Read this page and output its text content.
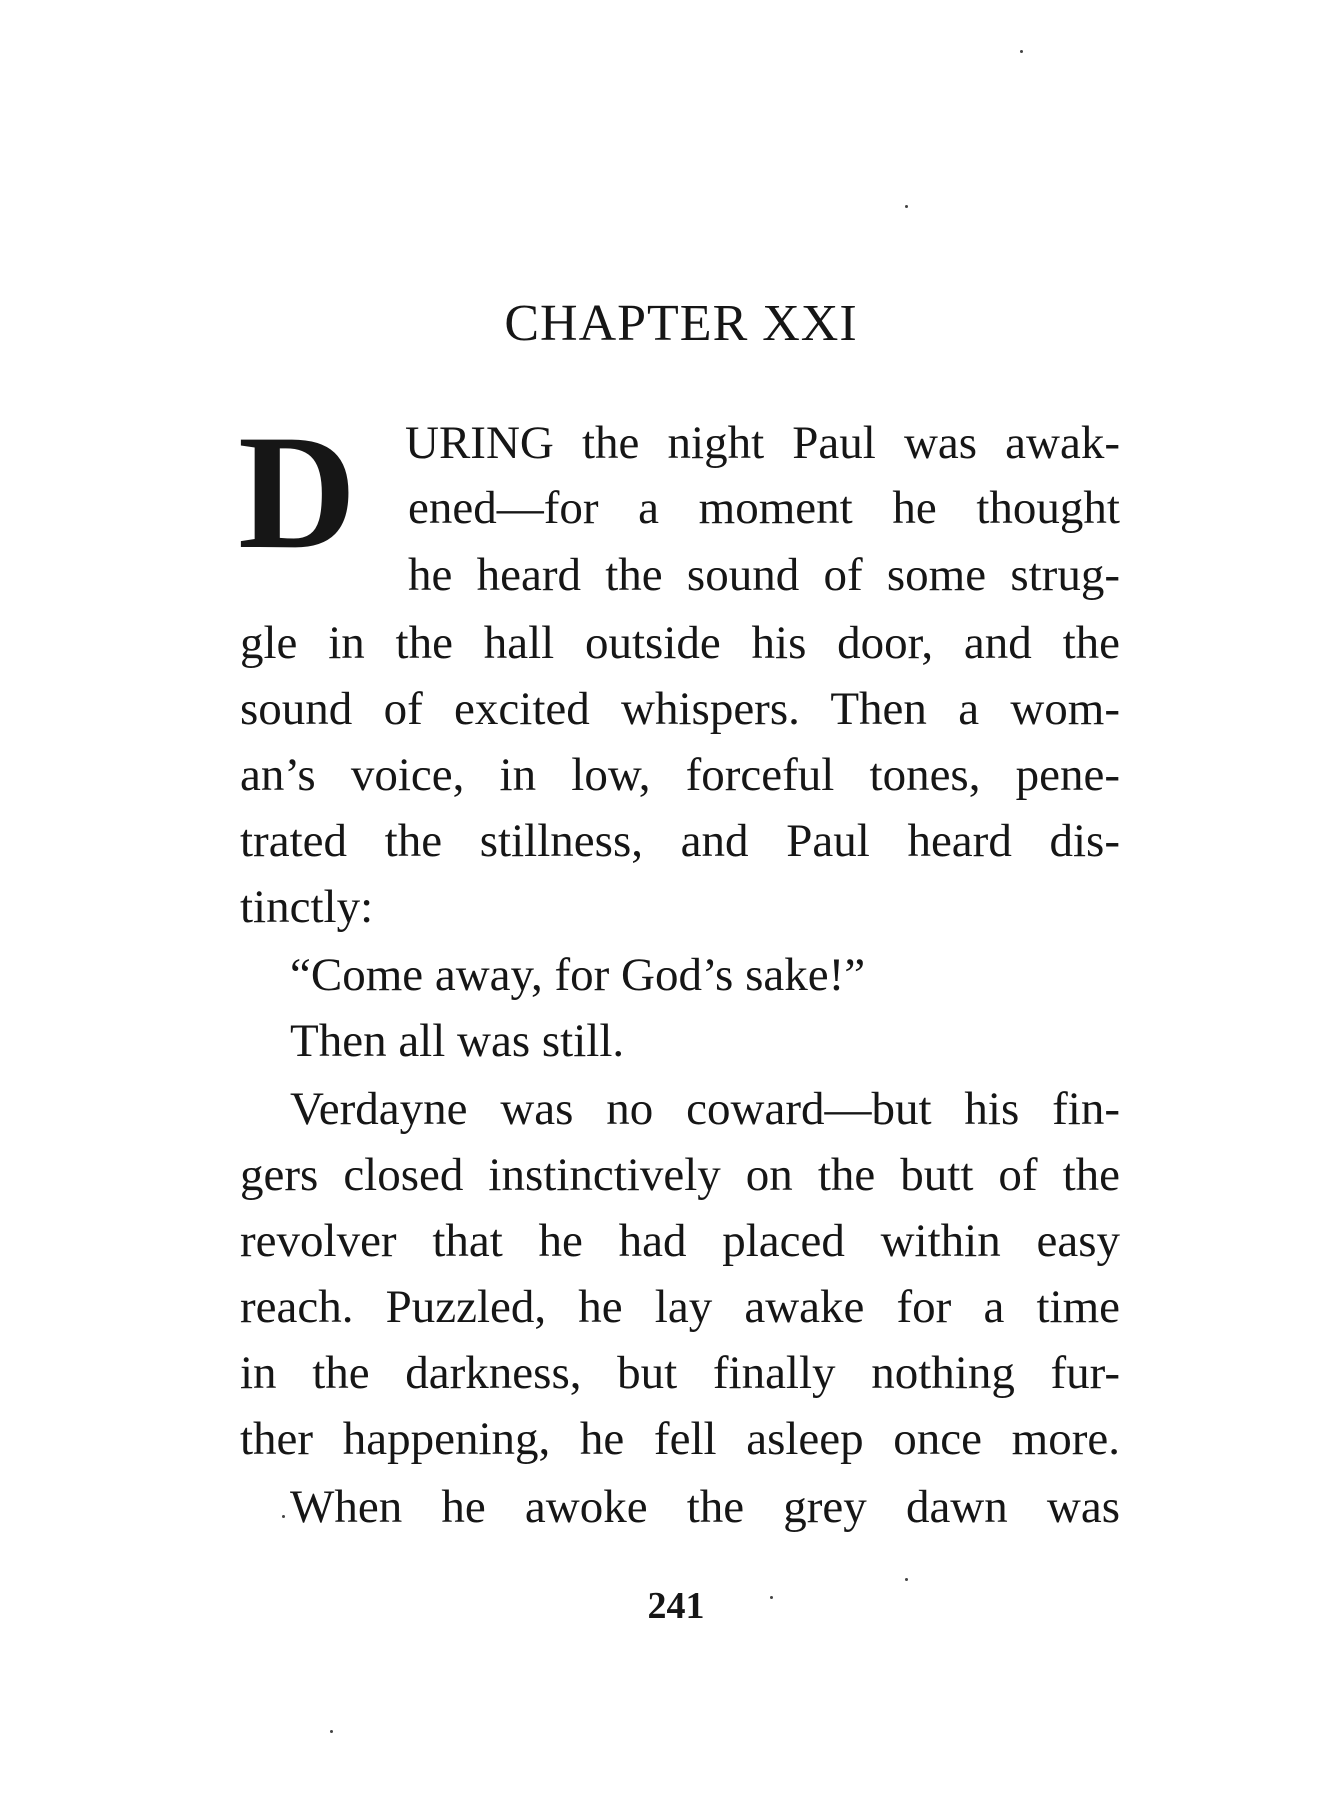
CHAPTER XXI
D URING the night Paul was awak-
ened—for a moment he thought
he heard the sound of some strug-
gle in the hall outside his door, and the
sound of excited whispers. Then a wom-
an’s voice, in low, forceful tones, pene-
trated the stillness, and Paul heard dis-
tinctly:
“Come away, for God’s sake!”
Then all was still.
Verdayne was no coward—but his fin-
gers closed instinctively on the butt of the
revolver that he had placed within easy
reach. Puzzled, he lay awake for a time
in the darkness, but finally nothing fur-
ther happening, he fell asleep once more.
When he awoke the grey dawn was
241
